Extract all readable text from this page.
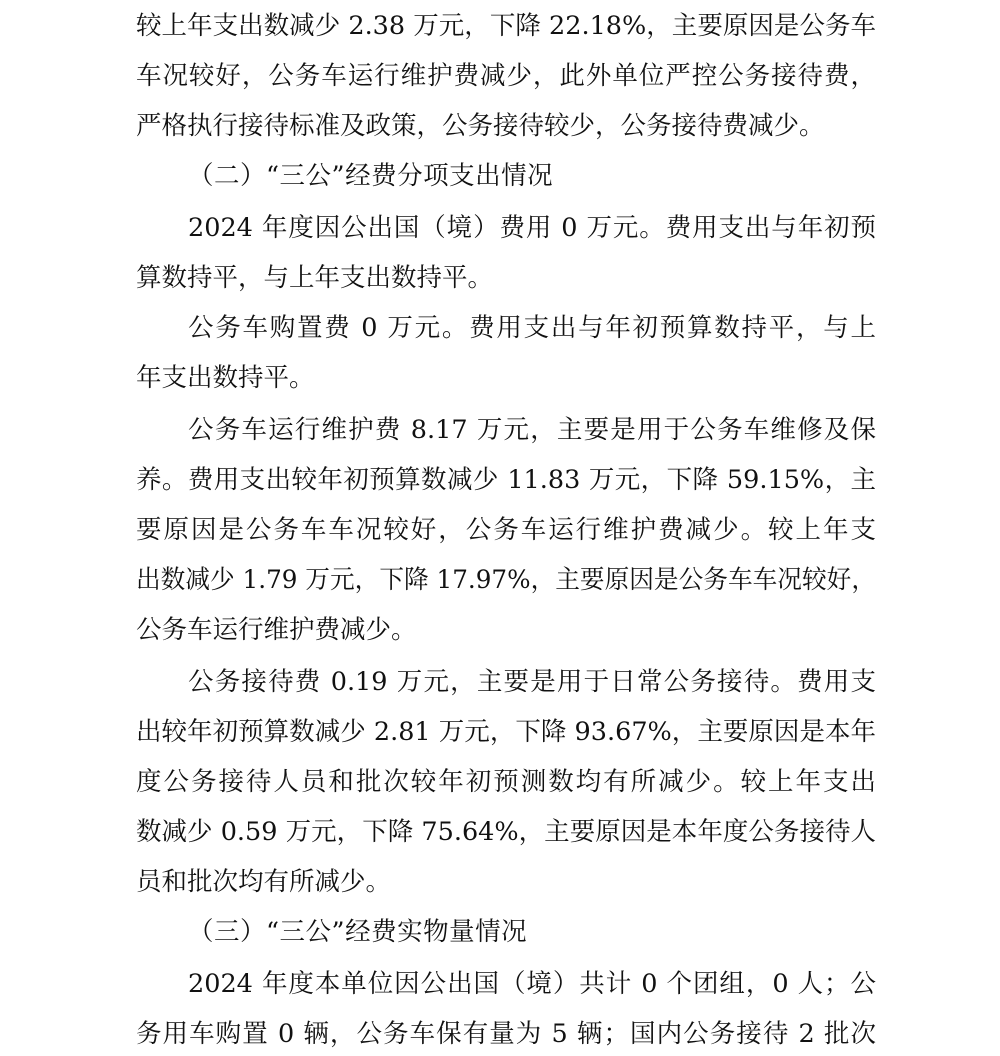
较上年支出数减少 2.38 万元，下降 22.18%，主要原因是公务车
车况较好，公务车运行维护费减少，此外单位严控公务接待费，
严格执行接待标准及政策，公务接待较少，公务接待费减少。
（二）“三公”经费分项支出情况
2024 年度因公出国（境）费用 0 万元。费用支出与年初预
算数持平，与上年支出数持平。
公务车购置费 0 万元。费用支出与年初预算数持平，与上
年支出数持平。
公务车运行维护费 8.17 万元，主要是用于公务车维修及保
养。费用支出较年初预算数减少 11.83 万元，下降 59.15%，主
要原因是公务车车况较好，公务车运行维护费减少。较上年支
出数减少 1.79 万元，下降 17.97%，主要原因是公务车车况较好，
公务车运行维护费减少。
公务接待费 0.19 万元，主要是用于日常公务接待。费用支
出较年初预算数减少 2.81 万元，下降 93.67%，主要原因是本年
度公务接待人员和批次较年初预测数均有所减少。较上年支出
数减少 0.59 万元，下降 75.64%，主要原因是本年度公务接待人
员和批次均有所减少。
（三）“三公”经费实物量情况
2024 年度本单位因公出国（境）共计 0 个团组，0 人；公
务用车购置 0 辆，公务车保有量为 5 辆；国内公务接待 2 批次
